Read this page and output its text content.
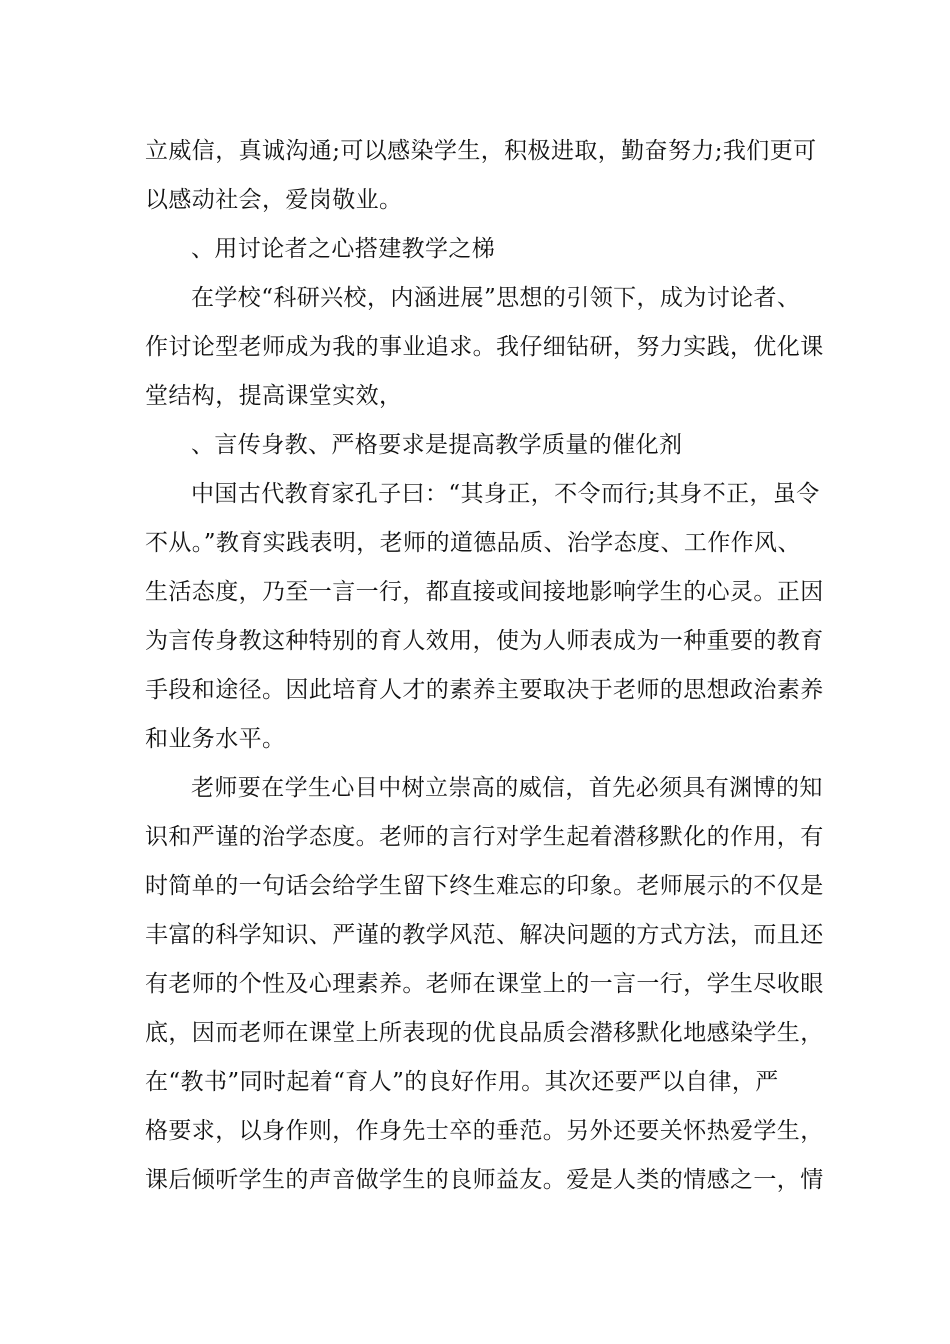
立威信，真诚沟通;可以感染学生，积极进取，勤奋努力;我们更可
以感动社会，爱岗敬业。
、用讨论者之心搭建教学之梯
在学校“科研兴校，内涵进展”思想的引领下，成为讨论者、
作讨论型老师成为我的事业追求。我仔细钻研，努力实践，优化课
堂结构，提高课堂实效，
、言传身教、严格要求是提高教学质量的催化剂
中国古代教育家孔子曰：“其身正，不令而行;其身不正，虽令
不从。”教育实践表明，老师的道德品质、治学态度、工作作风、
生活态度，乃至一言一行，都直接或间接地影响学生的心灵。正因
为言传身教这种特别的育人效用，使为人师表成为一种重要的教育
手段和途径。因此培育人才的素养主要取决于老师的思想政治素养
和业务水平。
老师要在学生心目中树立崇高的威信，首先必须具有渊博的知
识和严谨的治学态度。老师的言行对学生起着潜移默化的作用，有
时简单的一句话会给学生留下终生难忘的印象。老师展示的不仅是
丰富的科学知识、严谨的教学风范、解决问题的方式方法，而且还
有老师的个性及心理素养。老师在课堂上的一言一行，学生尽收眼
底，因而老师在课堂上所表现的优良品质会潜移默化地感染学生，
在“教书”同时起着“育人”的良好作用。其次还要严以自律，严
格要求，以身作则，作身先士卒的垂范。另外还要关怀热爱学生，
课后倾听学生的声音做学生的良师益友。爱是人类的情感之一，情
